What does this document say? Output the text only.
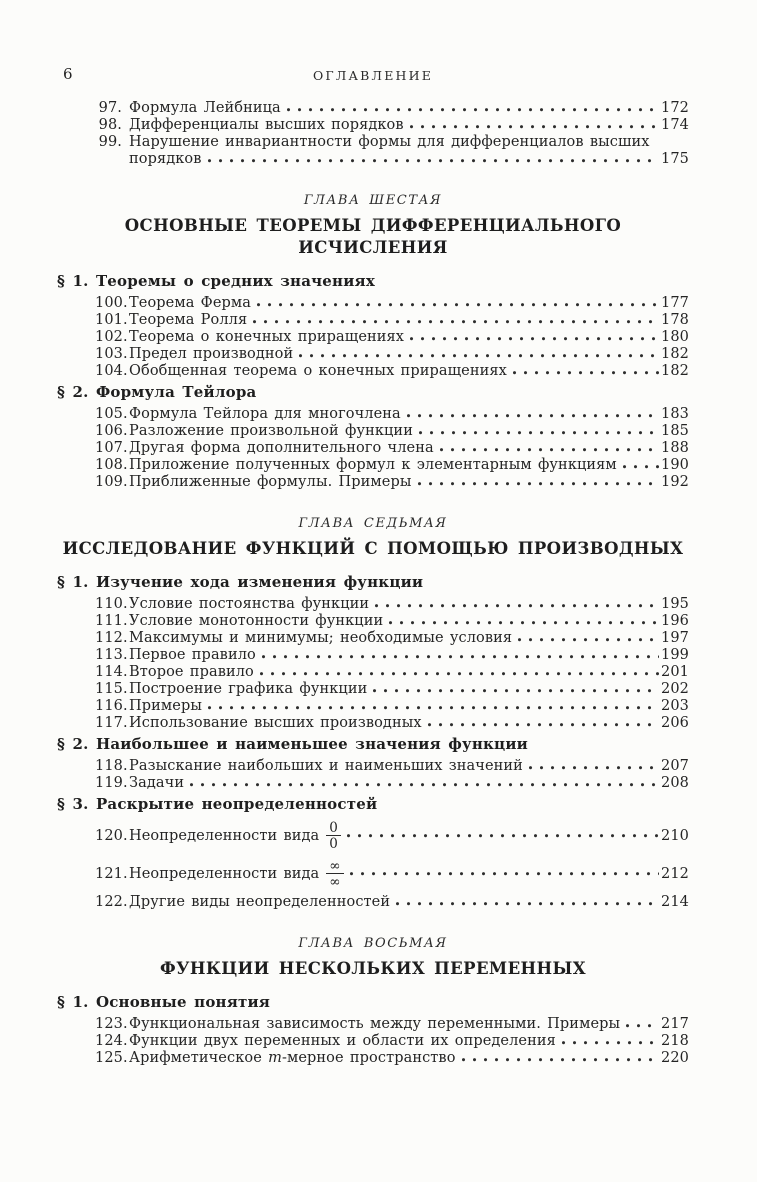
6	ОГЛАВЛЕНИЕ
97. Формула Лейбница	172
98. Дифференциалы высших порядков	174
99. Нарушение инвариантности формы для дифференциалов высших
порядков	175
ГЛАВА ШЕСТАЯ
ОСНОВНЫЕ ТЕОРЕМЫ ДИФФЕРЕНЦИАЛЬНОГО ИСЧИСЛЕНИЯ
§ 1. Теоремы о средних значениях
100. Теорема Ферма	177
101. Теорема Ролля	178
102. Теорема о конечных приращениях	180
103. Предел производной	182
104. Обобщенная теорема о конечных приращениях	182
§ 2. Формула Тейлора
105. Формула Тейлора для многочлена	183
106. Разложение произвольной функции	185
107. Другая форма дополнительного члена	188
108. Приложение полученных формул к элементарным функциям	190
109. Приближенные формулы. Примеры	192
ГЛАВА СЕДЬМАЯ
ИССЛЕДОВАНИЕ ФУНКЦИЙ С ПОМОЩЬЮ ПРОИЗВОДНЫХ
§ 1. Изучение хода изменения функции
110. Условие постоянства функции	195
111. Условие монотонности функции	196
112. Максимумы и минимумы; необходимые условия	197
113. Первое правило	199
114. Второе правило	201
115. Построение графика функции	202
116. Примеры	203
117. Использование высших производных	206
§ 2. Наибольшее и наименьшее значения функции
118. Разыскание наибольших и наименьших значений	207
119. Задачи	208
§ 3. Раскрытие неопределенностей
120. Неопределенности вида $\frac{0}{0}$	210
121. Неопределенности вида $\frac{\infty}{\infty}$	212
122. Другие виды неопределенностей	214
ГЛАВА ВОСЬМАЯ
ФУНКЦИИ НЕСКОЛЬКИХ ПЕРЕМЕННЫХ
§ 1. Основные понятия
123. Функциональная зависимость между переменными. Примеры	217
124. Функции двух переменных и области их определения	218
125. Арифметическое m-мерное пространство	220
